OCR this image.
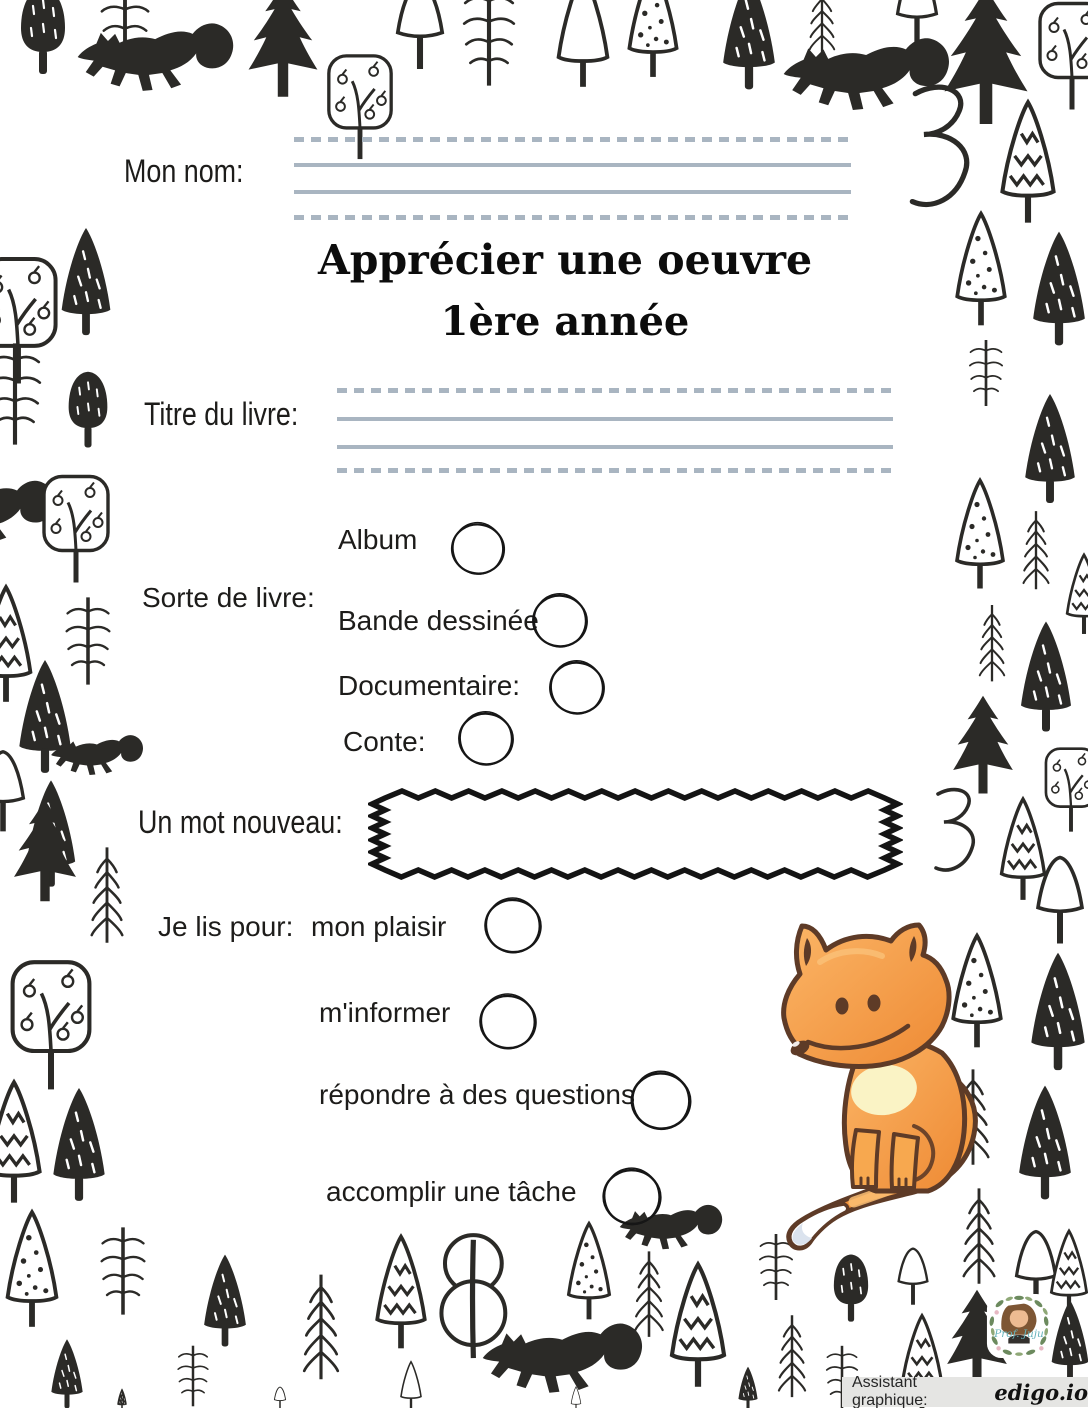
Mon nom:
Apprécier une oeuvre
1ère année
Titre du livre:
Sorte de livre:
Album
Bande dessinée
Documentaire:
Conte:
Un mot nouveau:
Je lis pour: mon plaisir
m'informer
répondre à des questions
accomplir une tâche
Prof. Juju
Assistant graphique:	edigo.io
